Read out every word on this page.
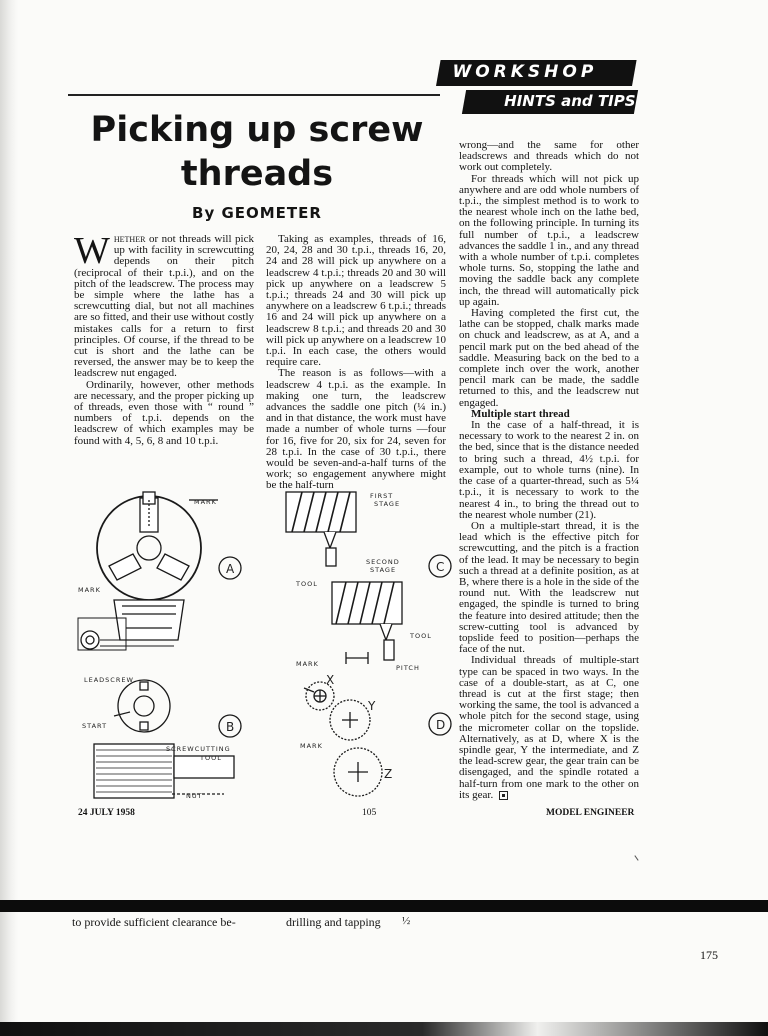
WORKSHOP
HINTS and TIPS
Picking up screw threads

By GEOMETER

Whether or not threads will pick up with facility in screwcutting depends on their pitch (reciprocal of their t.p.i.), and on the pitch of the leadscrew. The process may be simple where the lathe has a screwcutting dial, but not all machines are so fitted, and their use without costly mistakes calls for a return to first principles. Of course, if the thread to be cut is short and the lathe can be reversed, the answer may be to keep the leadscrew nut engaged.

Ordinarily, however, other methods are necessary, and the proper picking up of threads, even those with “ round ” numbers of t.p.i. depends on the leadscrew of which examples may be found with 4, 5, 6, 8 and 10 t.p.i.

Taking as examples, threads of 16, 20, 24, 28 and 30 t.p.i., threads 16, 20, 24 and 28 will pick up anywhere on a leadscrew 4 t.p.i.; threads 20 and 30 will pick up anywhere on a leadscrew 5 t.p.i.; threads 24 and 30 will pick up anywhere on a leadscrew 6 t.p.i.; threads 16 and 24 will pick up anywhere on a leadscrew 8 t.p.i.; and threads 20 and 30 will pick up anywhere on a leadscrew 10 t.p.i. In each case, the others would require care.

The reason is as follows—with a leadscrew 4 t.p.i. as the example. In making one turn, the leadscrew advances the saddle one pitch (¼ in.) and in that distance, the work must have made a number of whole turns —four for 16, five for 20, six for 24, seven for 28 t.p.i. In the case of 30 t.p.i., there would be seven-and-a-half turns of the work; so engagement anywhere might be the half-turn

wrong—and the same for other leadscrews and threads which do not work out completely.

For threads which will not pick up anywhere and are odd whole numbers of t.p.i., the simplest method is to work to the nearest whole inch on the lathe bed, on the following principle. In turning its full number of t.p.i., a leadscrew advances the saddle 1 in., and any thread with a whole number of t.p.i. completes whole turns. So, stopping the lathe and moving the saddle back any complete inch, the thread will automatically pick up again.

Having completed the first cut, the lathe can be stopped, chalk marks made on chuck and leadscrew, as at A, and a pencil mark put on the bed ahead of the saddle. Measuring back on the bed to a complete inch over the work, another pencil mark can be made, the saddle returned to this, and the leadscrew nut engaged.

Multiple start thread

In the case of a half-thread, it is necessary to work to the nearest 2 in. on the bed, since that is the distance needed to bring such a thread, 4½ t.p.i. for example, out to whole turns (nine). In the case of a quarter-thread, such as 5¼ t.p.i., it is necessary to work to the nearest 4 in., to bring the thread out to the nearest whole number (21).

On a multiple-start thread, it is the lead which is the effective pitch for screwcutting, and the pitch is a fraction of the lead. It may be necessary to begin such a thread at a definite position, as at B, where there is a hole in the side of the round nut. With the leadscrew nut engaged, the spindle is turned to bring the feature into desired attitude; then the screw-cutting tool is advanced by topslide feed to position—perhaps the face of the nut.

Individual threads of multiple-start type can be spaced in two ways. In the case of a double-start, as at C, one thread is cut at the first stage; then working the same, the tool is advanced a whole pitch for the second stage, using the micrometer collar on the topslide. Alternatively, as at D, where X is the spindle gear, Y the intermediate, and Z the lead-screw gear, the gear train can be disengaged, and the spindle rotated a half-turn from one mark to the other on its gear.

MARK
MARK
LEADSCREW
START
SCREWCUTTING
TOOL
NUT
FIRST
STAGE
SECOND
STAGE
TOOL
TOOL
MARK	PITCH
MARK
X
Y
Z
A
B
C
D
24 JULY 1958	105	MODEL ENGINEER
to provide sufficient clearance be-	drilling and tapping ½
175
